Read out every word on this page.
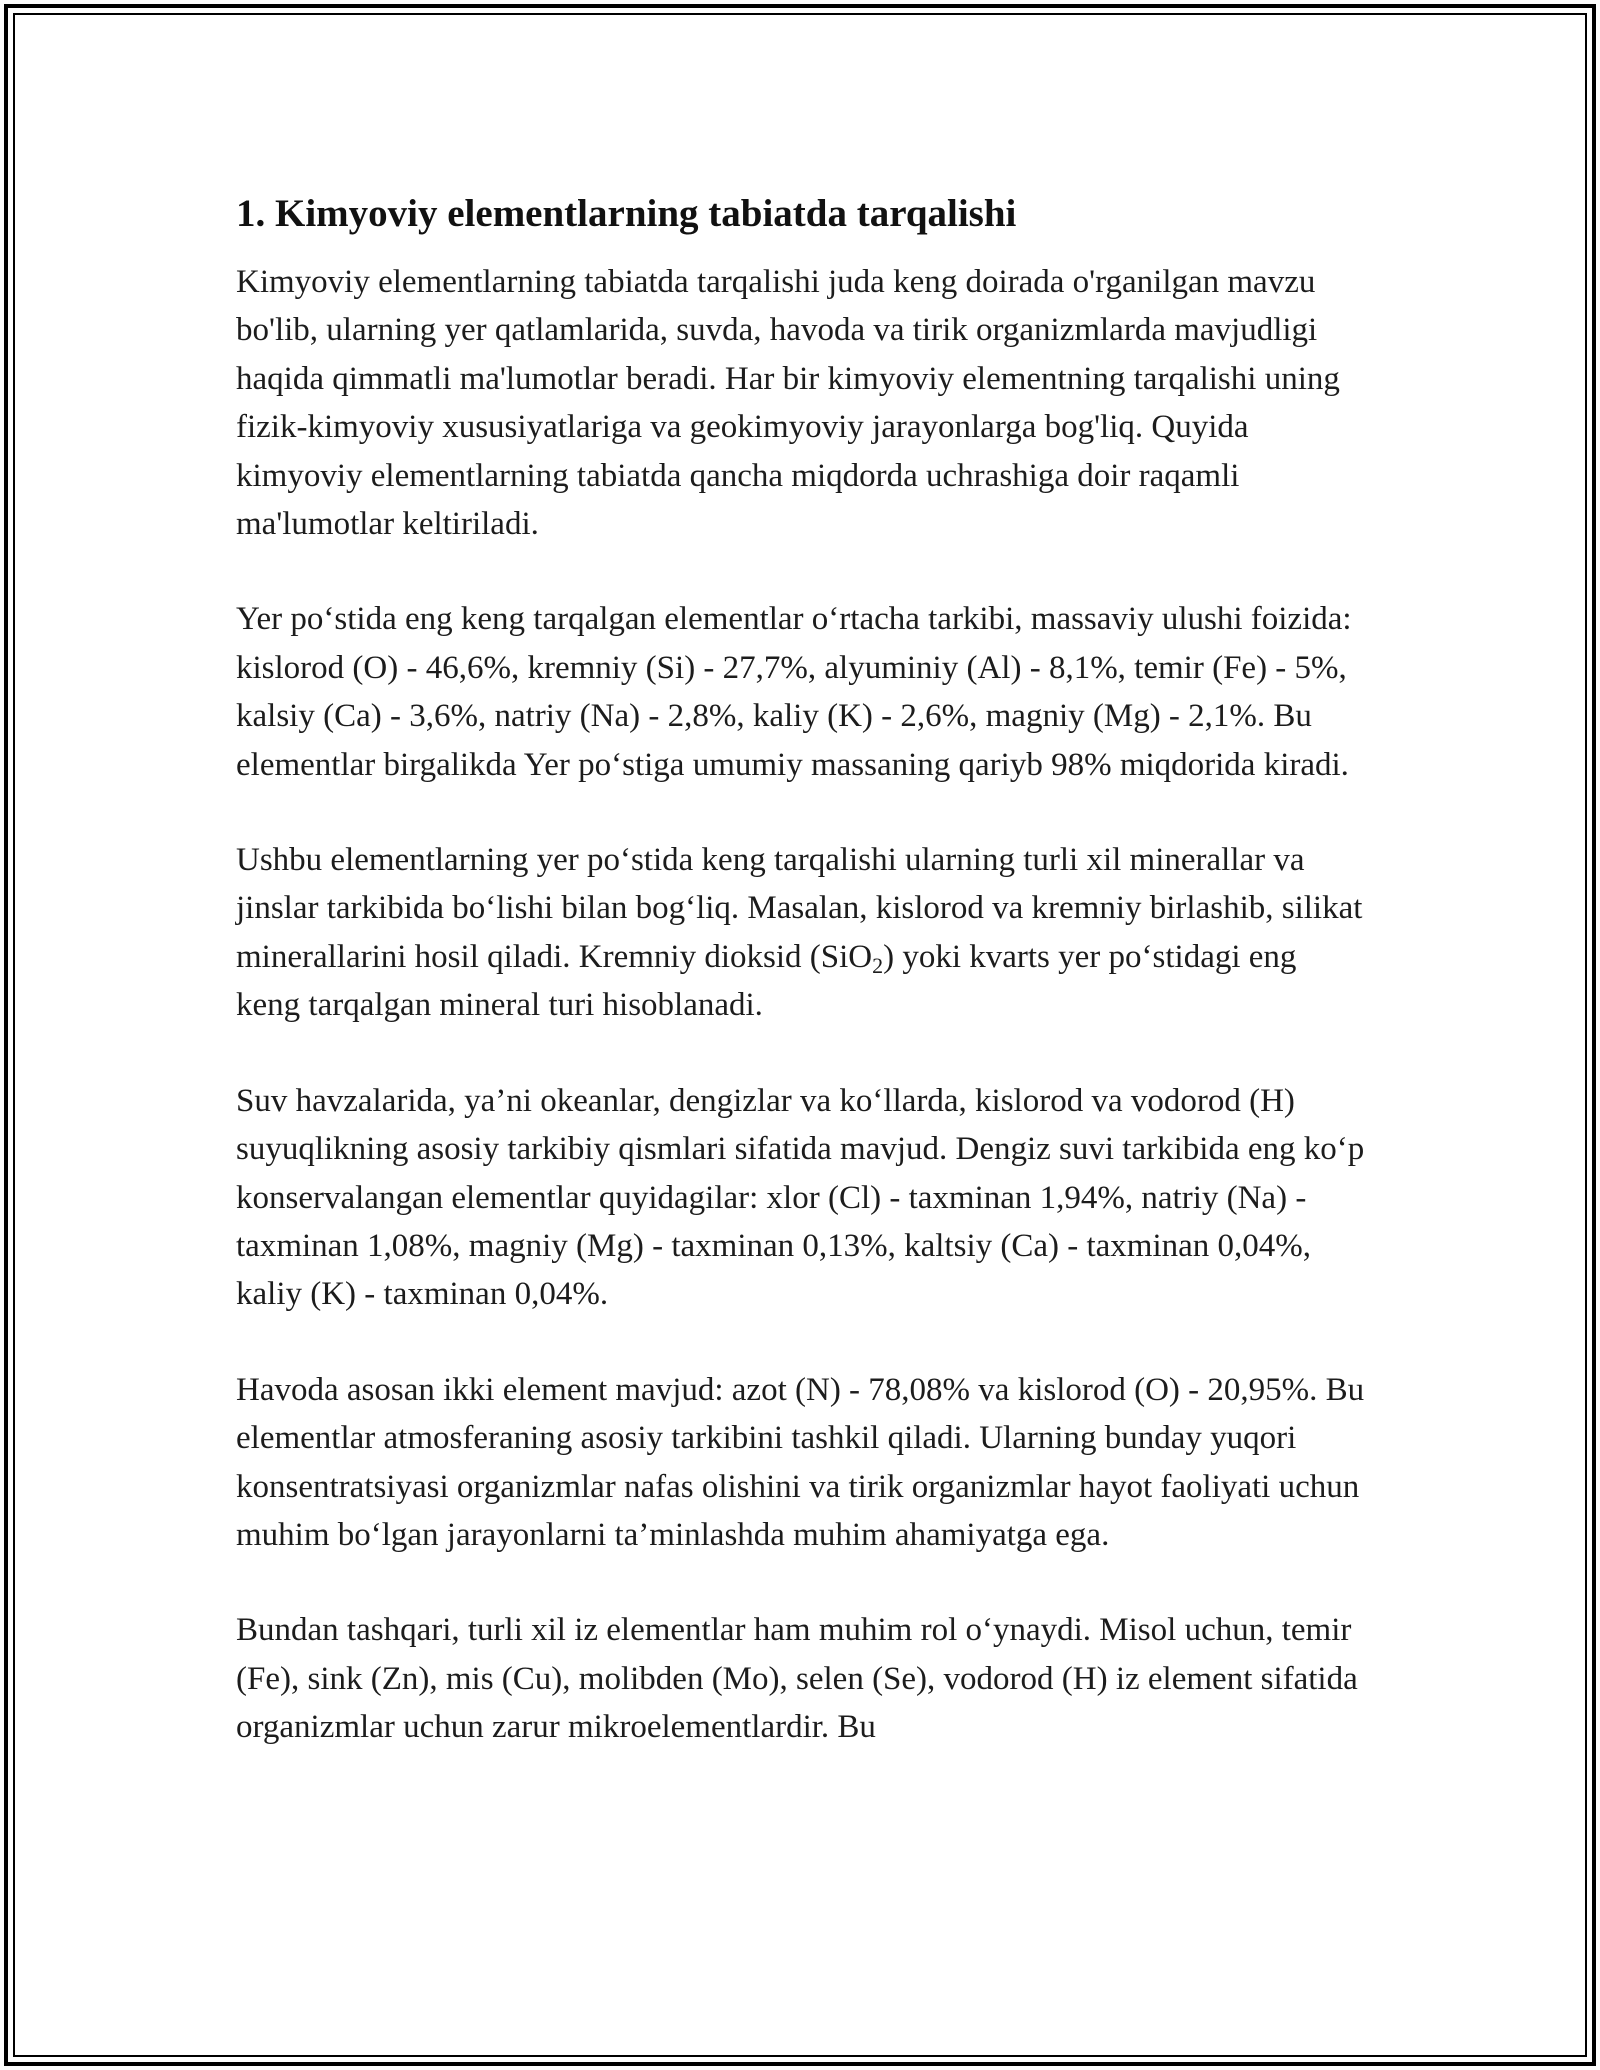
1. Kimyoviy elementlarning tabiatda tarqalishi

Kimyoviy elementlarning tabiatda tarqalishi juda keng doirada o'rganilgan mavzu bo'lib, ularning yer qatlamlarida, suvda, havoda va tirik organizmlarda mavjudligi haqida qimmatli ma'lumotlar beradi. Har bir kimyoviy elementning tarqalishi uning fizik-kimyoviy xususiyatlariga va geokimyoviy jarayonlarga bog'liq. Quyida kimyoviy elementlarning tabiatda qancha miqdorda uchrashiga doir raqamli ma'lumotlar keltiriladi.

Yer po‘stida eng keng tarqalgan elementlar o‘rtacha tarkibi, massaviy ulushi foizida: kislorod (O) - 46,6%, kremniy (Si) - 27,7%, alyuminiy (Al) - 8,1%, temir (Fe) - 5%, kalsiy (Ca) - 3,6%, natriy (Na) - 2,8%, kaliy (K) - 2,6%, magniy (Mg) - 2,1%. Bu elementlar birgalikda Yer po‘stiga umumiy massaning qariyb 98% miqdorida kiradi.

Ushbu elementlarning yer po‘stida keng tarqalishi ularning turli xil minerallar va jinslar tarkibida bo‘lishi bilan bog‘liq. Masalan, kislorod va kremniy birlashib, silikat minerallarini hosil qiladi. Kremniy dioksid (SiO$_2$) yoki kvarts yer po‘stidagi eng keng tarqalgan mineral turi hisoblanadi.

Suv havzalarida, ya’ni okeanlar, dengizlar va ko‘llarda, kislorod va vodorod (H) suyuqlikning asosiy tarkibiy qismlari sifatida mavjud. Dengiz suvi tarkibida eng ko‘p konservalangan elementlar quyidagilar: xlor (Cl) - taxminan 1,94%, natriy (Na) - taxminan 1,08%, magniy (Mg) - taxminan 0,13%, kaltsiy (Ca) - taxminan 0,04%, kaliy (K) - taxminan 0,04%.

Havoda asosan ikki element mavjud: azot (N) - 78,08% va kislorod (O) - 20,95%. Bu elementlar atmosferaning asosiy tarkibini tashkil qiladi. Ularning bunday yuqori konsentratsiyasi organizmlar nafas olishini va tirik organizmlar hayot faoliyati uchun muhim bo‘lgan jarayonlarni ta’minlashda muhim ahamiyatga ega.

Bundan tashqari, turli xil iz elementlar ham muhim rol o‘ynaydi. Misol uchun, temir (Fe), sink (Zn), mis (Cu), molibden (Mo), selen (Se), vodorod (H) iz element sifatida organizmlar uchun zarur mikroelementlardir. Bu
